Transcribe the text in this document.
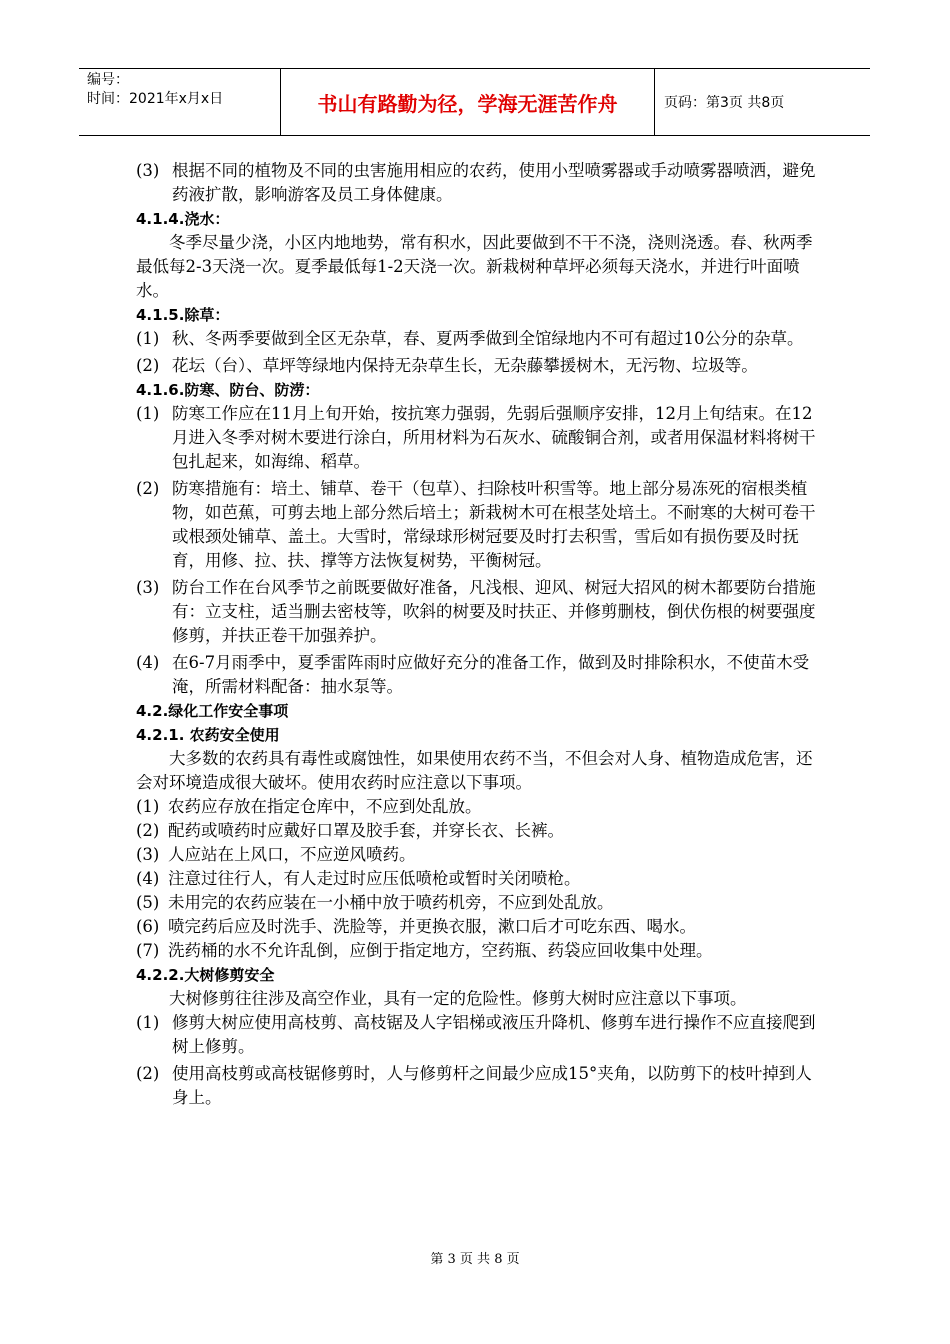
编号：
时间：2021年x月x日	书山有路勤为径，学海无涯苦作舟	页码：第3页 共8页
(3) 根据不同的植物及不同的虫害施用相应的农药，使用小型喷雾器或手动喷雾器喷洒，避免药液扩散，影响游客及员工身体健康。

4.1.4.浇水：

冬季尽量少浇，小区内地地势，常有积水，因此要做到不干不浇，浇则浇透。春、秋两季最低每2-3天浇一次。夏季最低每1-2天浇一次。新栽树种草坪必须每天浇水，并进行叶面喷水。

4.1.5.除草：

(1) 秋、冬两季要做到全区无杂草，春、夏两季做到全馆绿地内不可有超过10公分的杂草。
(2) 花坛（台）、草坪等绿地内保持无杂草生长，无杂藤攀援树木，无污物、垃圾等。

4.1.6.防寒、防台、防涝：

(1) 防寒工作应在11月上旬开始，按抗寒力强弱，先弱后强顺序安排，12月上旬结束。在12月进入冬季对树木要进行涂白，所用材料为石灰水、硫酸铜合剂，或者用保温材料将树干包扎起来，如海绵、稻草。
(2) 防寒措施有：培土、铺草、卷干（包草）、扫除枝叶积雪等。地上部分易冻死的宿根类植物，如芭蕉，可剪去地上部分然后培土；新栽树木可在根茎处培土。不耐寒的大树可卷干或根颈处铺草、盖土。大雪时，常绿球形树冠要及时打去积雪，雪后如有损伤要及时抚育，用修、拉、扶、撑等方法恢复树势，平衡树冠。
(3) 防台工作在台风季节之前既要做好准备，凡浅根、迎风、树冠大招风的树木都要防台措施有：立支柱，适当删去密枝等，吹斜的树要及时扶正、并修剪删枝，倒伏伤根的树要强度修剪，并扶正卷干加强养护。
(4) 在6-7月雨季中，夏季雷阵雨时应做好充分的准备工作，做到及时排除积水，不使苗木受淹，所需材料配备：抽水泵等。

4.2.绿化工作安全事项

4.2.1. 农药安全使用

大多数的农药具有毒性或腐蚀性，如果使用农药不当，不但会对人身、植物造成危害，还会对环境造成很大破坏。使用农药时应注意以下事项。

(1) 农药应存放在指定仓库中，不应到处乱放。
(2) 配药或喷药时应戴好口罩及胶手套，并穿长衣、长裤。
(3) 人应站在上风口，不应逆风喷药。
(4) 注意过往行人，有人走过时应压低喷枪或暂时关闭喷枪。
(5) 未用完的农药应装在一小桶中放于喷药机旁，不应到处乱放。
(6) 喷完药后应及时洗手、洗脸等，并更换衣服，漱口后才可吃东西、喝水。
(7) 洗药桶的水不允许乱倒，应倒于指定地方，空药瓶、药袋应回收集中处理。

4.2.2.大树修剪安全

大树修剪往往涉及高空作业，具有一定的危险性。修剪大树时应注意以下事项。

(1) 修剪大树应使用高枝剪、高枝锯及人字铝梯或液压升降机、修剪车进行操作不应直接爬到树上修剪。
(2) 使用高枝剪或高枝锯修剪时，人与修剪杆之间最少应成15°夹角，以防剪下的枝叶掉到人身上。
第 3 页 共 8 页
